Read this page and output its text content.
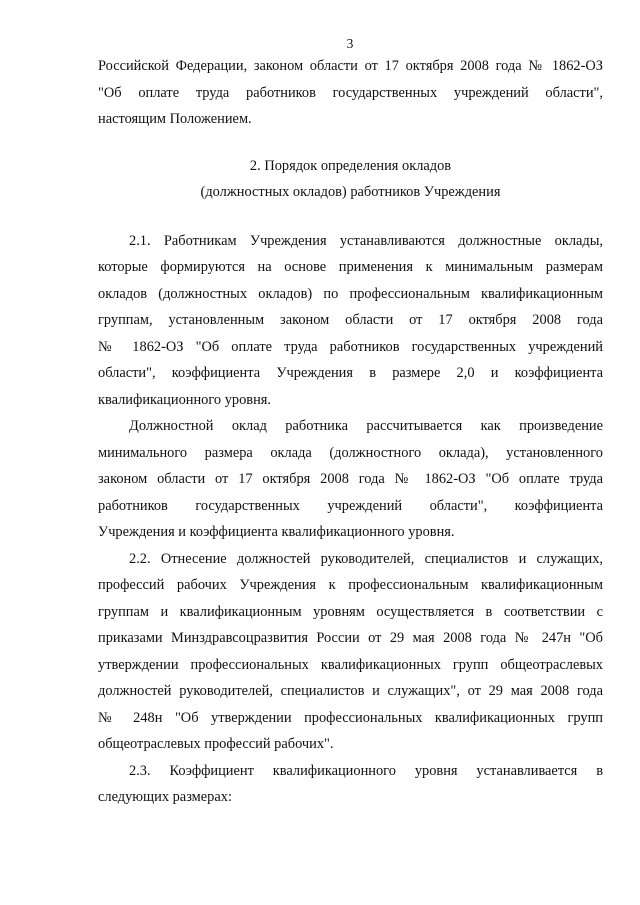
3
Российской Федерации, законом области от 17 октября 2008 года № 1862-ОЗ
"Об оплате труда работников государственных учреждений области",
настоящим Положением.
2. Порядок определения окладов
(должностных окладов) работников Учреждения
2.1. Работникам Учреждения устанавливаются должностные оклады,
которые формируются на основе применения к минимальным размерам
окладов (должностных окладов) по профессиональным квалификационным
группам, установленным законом области от 17 октября 2008 года
№ 1862-ОЗ "Об оплате труда работников государственных учреждений
области", коэффициента Учреждения в размере 2,0 и коэффициента
квалификационного уровня.
Должностной оклад работника рассчитывается как произведение
минимального размера оклада (должностного оклада), установленного
законом области от 17 октября 2008 года № 1862-ОЗ "Об оплате труда
работников государственных учреждений области", коэффициента
Учреждения и коэффициента квалификационного уровня.
2.2. Отнесение должностей руководителей, специалистов и служащих,
профессий рабочих Учреждения к профессиональным квалификационным
группам и квалификационным уровням осуществляется в соответствии с
приказами Минздравсоцразвития России от 29 мая 2008 года № 247н "Об
утверждении профессиональных квалификационных групп общеотраслевых
должностей руководителей, специалистов и служащих", от 29 мая 2008 года
№ 248н "Об утверждении профессиональных квалификационных групп
общеотраслевых профессий рабочих".
2.3. Коэффициент квалификационного уровня устанавливается в
следующих размерах:
